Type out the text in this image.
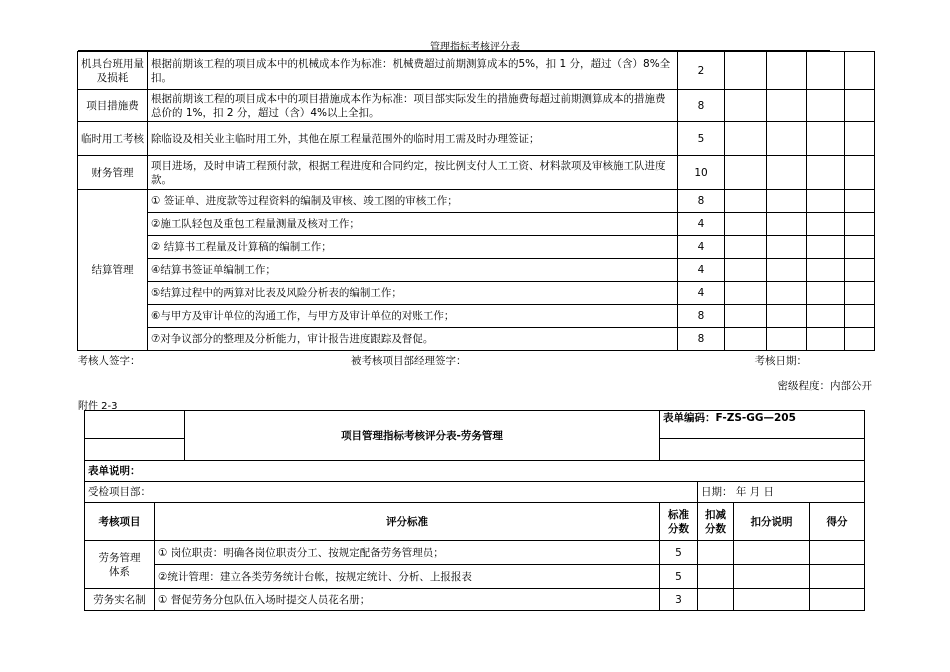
管理指标考核评分表
机具台班用量及损耗	根据前期该工程的项目成本中的机械成本作为标准：机械费超过前期测算成本的5%，扣 1 分，超过（含）8%全扣。	2				
项目措施费	根据前期该工程的项目成本中的项目措施成本作为标准：项目部实际发生的措施费每超过前期测算成本的措施费总价的 1%，扣 2 分，超过（含）4%以上全扣。	8				
临时用工考核	除临设及相关业主临时用工外，其他在原工程量范围外的临时用工需及时办理签证；	5				
财务管理	项目进场，及时申请工程预付款，根据工程进度和合同约定，按比例支付人工工资、材料款项及审核施工队进度款。	10				
结算管理	① 签证单、进度款等过程资料的编制及审核、竣工图的审核工作；	8				
	②施工队轻包及重包工程量测量及核对工作；	4				
	② 结算书工程量及计算稿的编制工作；	4				
	④结算书签证单编制工作；	4				
	⑤结算过程中的两算对比表及风险分析表的编制工作；	4				
	⑥与甲方及审计单位的沟通工作，与甲方及审计单位的对账工作；	8				
	⑦对争议部分的整理及分析能力，审计报告进度跟踪及督促。	8				

考核人签字： 被考核项目部经理签字： 考核日期：						
密级程度：内部公开
附件 2-3
		项目管理指标考核评分表-劳务管理	表单编码：F-ZS-GG—205			

表单说明：						
受检项目部：				日期： 年 月 日		
考核项目	评分标准		标准分数	扣减分数	扣分说明	得分
劳务管理体系	① 岗位职责：明确各岗位职责分工、按规定配备劳务管理员；		5			
	②统计管理：建立各类劳务统计台帐，按规定统计、分析、上报报表		5			
劳务实名制	① 督促劳务分包队伍入场时提交人员花名册；		3			
